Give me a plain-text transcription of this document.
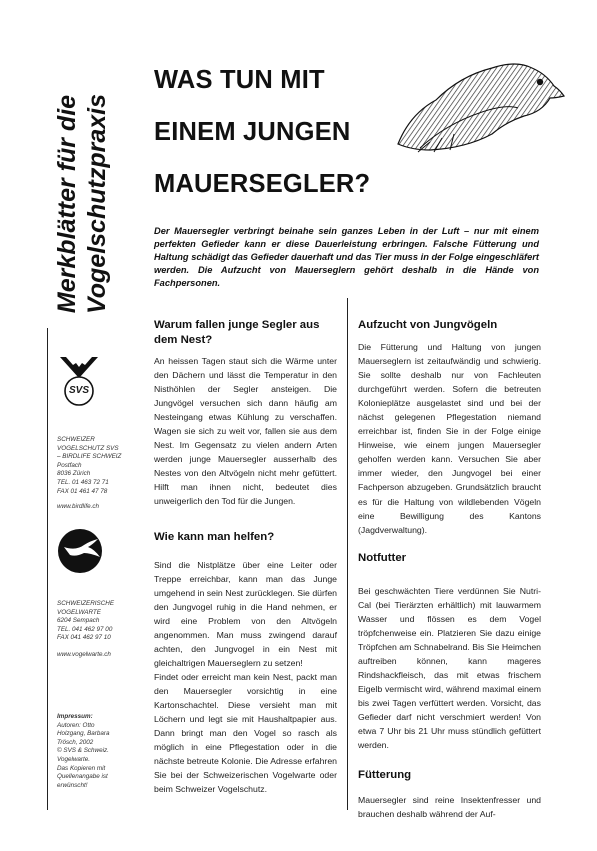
Merkblätter für die Vogelschutzpraxis
SVS
SCHWEIZER
VOGELSCHUTZ SVS
– BIRDLIFE SCHWEIZ
Postfach
8036 Zürich
TEL. 01 463 72 71
FAX 01 461 47 78
www.birdlife.ch
SCHWEIZERISCHE
VOGELWARTE
6204 Sempach
TEL. 041 462 97 00
FAX 041 462 97 10
www.vogelwarte.ch
Impressum:
Autoren: Otto
Holzgang, Barbara
Trösch, 2002
© SVS & Schweiz.
Vogelwarte.
Das Kopieren mit
Quellenangabe ist
erwünscht!
WAS TUN MIT
EINEM JUNGEN
MAUERSEGLER?
Der Mauersegler verbringt beinahe sein ganzes Leben in der Luft – nur mit einem perfekten Gefieder kann er diese Dauerleistung erbringen. Falsche Fütterung und Haltung schädigt das Gefieder dauerhaft und das Tier muss in der Folge eingeschläfert werden. Die Aufzucht von Mauerseglern gehört deshalb in die Hände von Fachpersonen.
Warum fallen junge Segler aus dem Nest?

An heissen Tagen staut sich die Wärme unter den Dächern und lässt die Temperatur in den Nisthöhlen der Segler ansteigen. Die Jungvögel versuchen sich dann häufig am Nesteingang etwas Kühlung zu verschaffen. Wagen sie sich zu weit vor, fallen sie aus dem Nest. Im Gegensatz zu vielen andern Arten werden junge Mauersegler ausserhalb des Nestes von den Altvögeln nicht mehr gefüttert. Hilft man ihnen nicht, bedeutet dies unweigerlich den Tod für die Jungen.

Wie kann man helfen?

Sind die Nistplätze über eine Leiter oder Treppe erreichbar, kann man das Junge umgehend in sein Nest zurücklegen. Sie dürfen den Jungvogel ruhig in die Hand nehmen, er wird eine Problem von den Altvögeln angenommen. Man muss zwingend darauf achten, den Jungvogel in ein Nest mit gleichaltrigen Mauerseglern zu setzen!

Findet oder erreicht man kein Nest, packt man den Mauersegler vorsichtig in eine Kartonschachtel. Diese versieht man mit Löchern und legt sie mit Haushaltpapier aus. Dann bringt man den Vogel so rasch als möglich in eine Pflegestation oder in die nächste betreute Kolonie. Die Adresse erfahren Sie bei der Schweizerischen Vogelwarte oder beim Schweizer Vogelschutz.

Aufzucht von Jungvögeln

Die Fütterung und Haltung von jungen Mauerseglern ist zeitaufwändig und schwierig. Sie sollte deshalb nur von Fachleuten durchgeführt werden. Sofern die betreuten Kolonieplätze ausgelastet sind und bei der nächst gelegenen Pflegestation niemand erreichbar ist, finden Sie in der Folge einige Hinweise, wie einem jungen Mauersegler geholfen werden kann. Versuchen Sie aber immer wieder, den Jungvogel bei einer Fachperson abzugeben. Grundsätzlich braucht es für die Haltung von wildlebenden Vögeln eine Bewilligung des Kantons (Jagdverwaltung).

Notfutter

Bei geschwächten Tiere verdünnen Sie Nutri-Cal (bei Tierärzten erhältlich) mit lauwarmem Wasser und flössen es dem Vogel tröpfchenweise ein. Platzieren Sie dazu einige Tröpfchen am Schnabelrand. Bis Sie Heimchen auftreiben können, kann mageres Rindshackfleisch, das mit etwas frischem Eigelb vermischt wird, während maximal einem bis zwei Tagen verfüttert werden. Vorsicht, das Gefieder darf nicht verschmiert werden! Von etwa 7 Uhr bis 21 Uhr muss stündlich gefüttert werden.

Fütterung

Mauersegler sind reine Insektenfresser und brauchen deshalb während der Auf-
